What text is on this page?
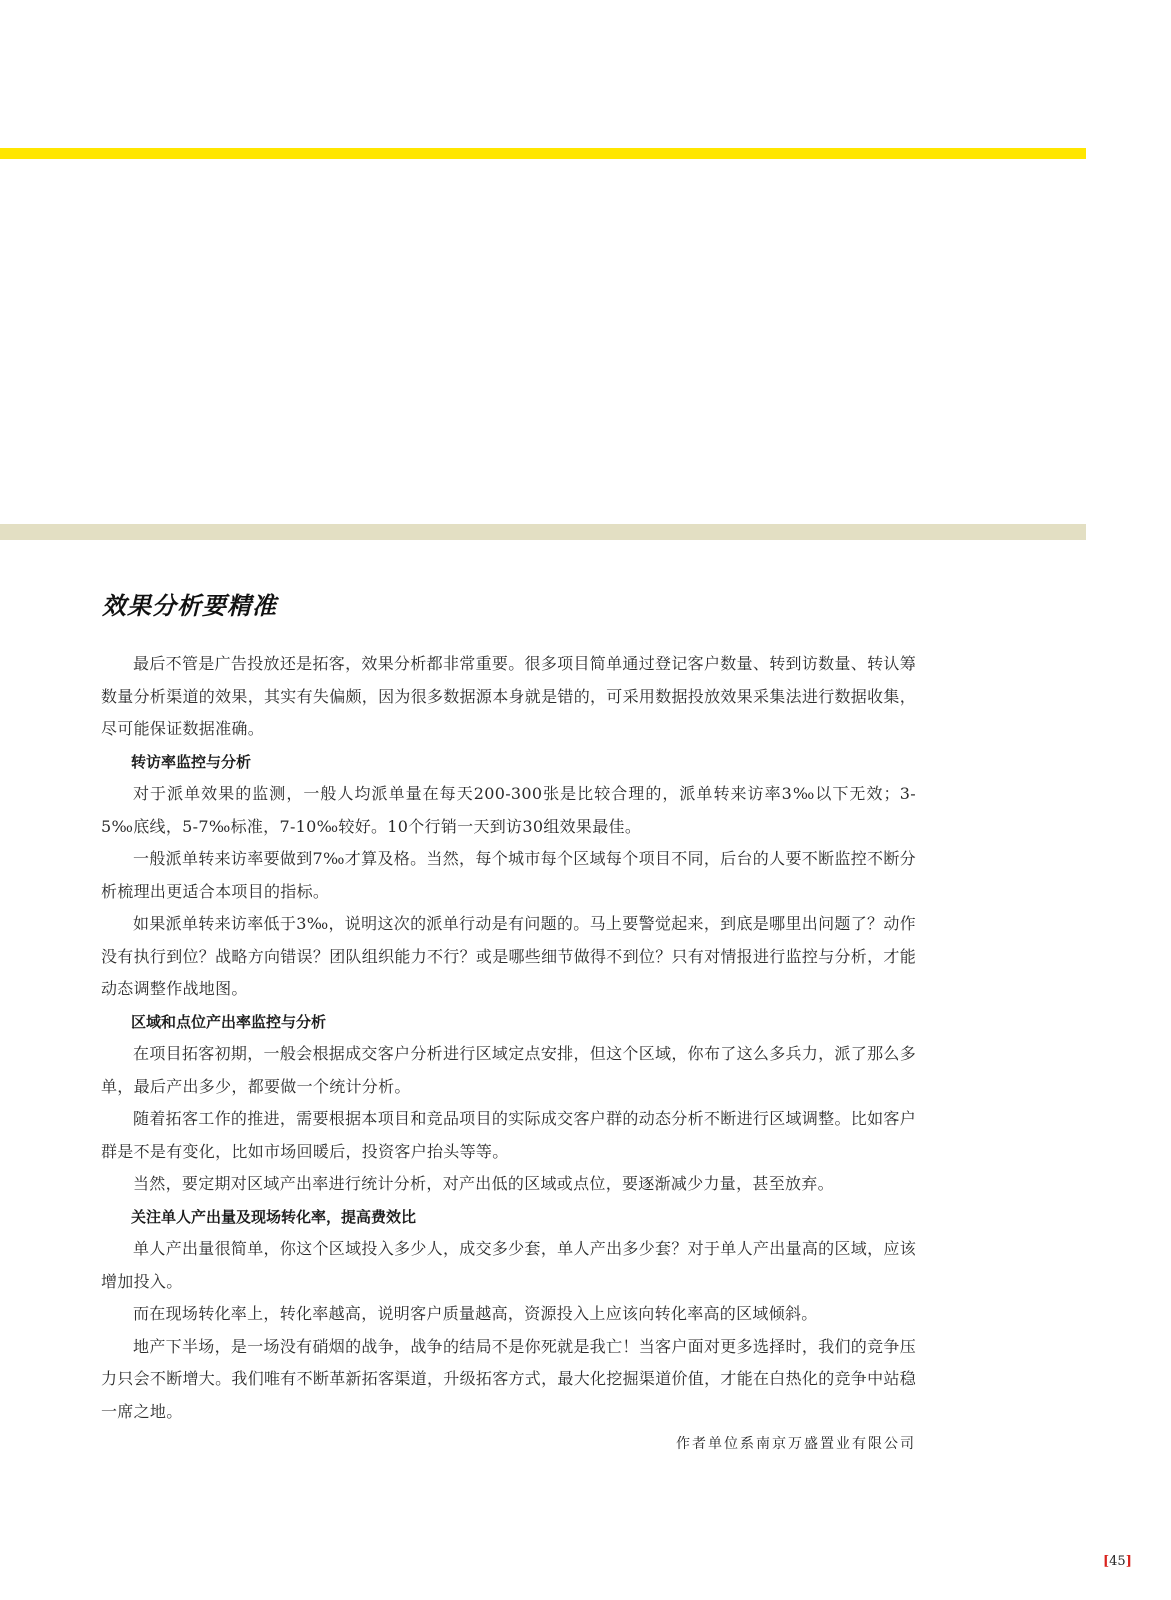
效果分析要精准

最后不管是广告投放还是拓客，效果分析都非常重要。很多项目简单通过登记客户数量、转到访数量、转认筹数量分析渠道的效果，其实有失偏颇，因为很多数据源本身就是错的，可采用数据投放效果采集法进行数据收集，尽可能保证数据准确。

转访率监控与分析

对于派单效果的监测，一般人均派单量在每天200-300张是比较合理的，派单转来访率3‰以下无效；3-5‰底线，5-7‰标准，7-10‰较好。10个行销一天到访30组效果最佳。

一般派单转来访率要做到7‰才算及格。当然，每个城市每个区域每个项目不同，后台的人要不断监控不断分析梳理出更适合本项目的指标。

如果派单转来访率低于3‰，说明这次的派单行动是有问题的。马上要警觉起来，到底是哪里出问题了？动作没有执行到位？战略方向错误？团队组织能力不行？或是哪些细节做得不到位？只有对情报进行监控与分析，才能动态调整作战地图。

区域和点位产出率监控与分析

在项目拓客初期，一般会根据成交客户分析进行区域定点安排，但这个区域，你布了这么多兵力，派了那么多单，最后产出多少，都要做一个统计分析。

随着拓客工作的推进，需要根据本项目和竞品项目的实际成交客户群的动态分析不断进行区域调整。比如客户群是不是有变化，比如市场回暖后，投资客户抬头等等。

当然，要定期对区域产出率进行统计分析，对产出低的区域或点位，要逐渐减少力量，甚至放弃。

关注单人产出量及现场转化率，提高费效比

单人产出量很简单，你这个区域投入多少人，成交多少套，单人产出多少套？对于单人产出量高的区域，应该增加投入。

而在现场转化率上，转化率越高，说明客户质量越高，资源投入上应该向转化率高的区域倾斜。

地产下半场，是一场没有硝烟的战争，战争的结局不是你死就是我亡！当客户面对更多选择时，我们的竞争压力只会不断增大。我们唯有不断革新拓客渠道，升级拓客方式，最大化挖掘渠道价值，才能在白热化的竞争中站稳一席之地。

作者单位系南京万盛置业有限公司

[45]
